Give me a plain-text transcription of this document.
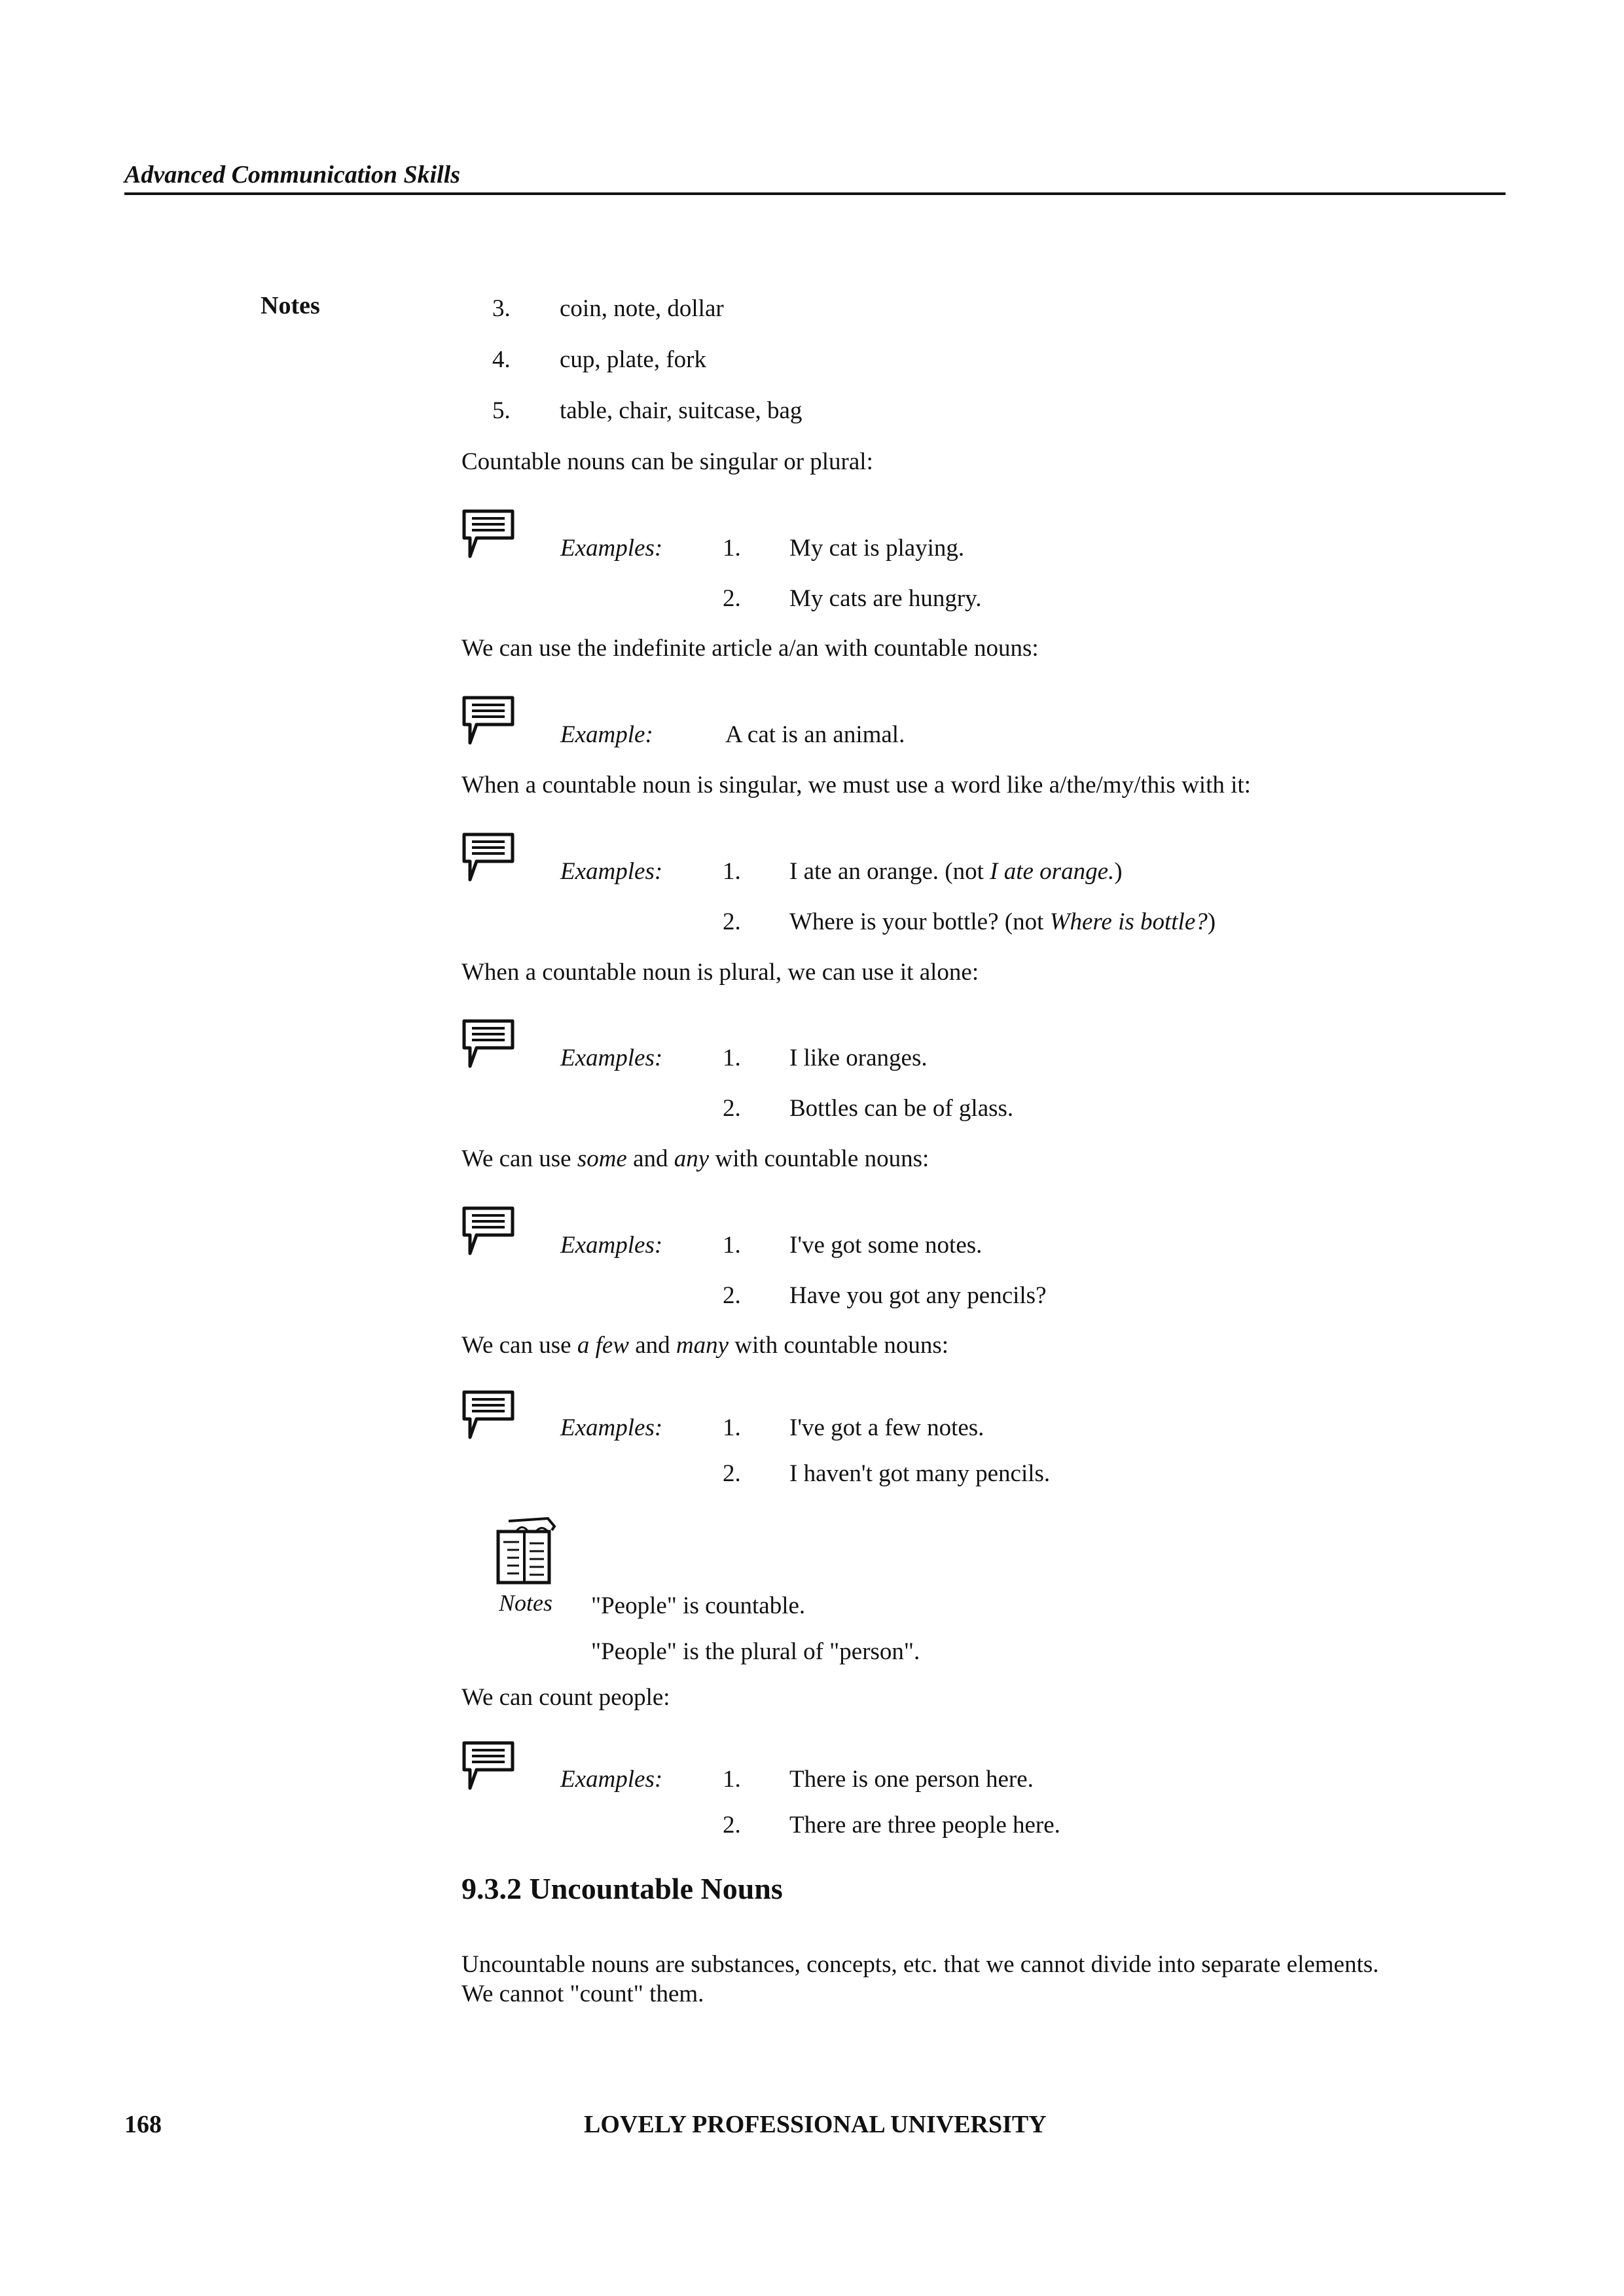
Advanced Communication Skills
Notes	3. coin, note, dollar
4. cup, plate, fork
5. table, chair, suitcase, bag
Countable nouns can be singular or plural:
Examples: 1. My cat is playing.
2. My cats are hungry.
We can use the indefinite article a/an with countable nouns:
Example:	A cat is an animal.
When a countable noun is singular, we must use a word like a/the/my/this with it:
Examples: 1. I ate an orange. (not I ate orange.)
2. Where is your bottle? (not Where is bottle?)
When a countable noun is plural, we can use it alone:
Examples: 1. I like oranges.
2. Bottles can be of glass.
We can use some and any with countable nouns:
Examples: 1. I've got some notes.
2. Have you got any pencils?
We can use a few and many with countable nouns:
Examples: 1. I've got a few notes.
2. I haven't got many pencils.
Notes "People" is countable.
"People" is the plural of "person".
We can count people:
Examples: 1. There is one person here.
2. There are three people here.
9.3.2 Uncountable Nouns
Uncountable nouns are substances, concepts, etc. that we cannot divide into separate elements.
We cannot "count" them.
168	LOVELY PROFESSIONAL UNIVERSITY
